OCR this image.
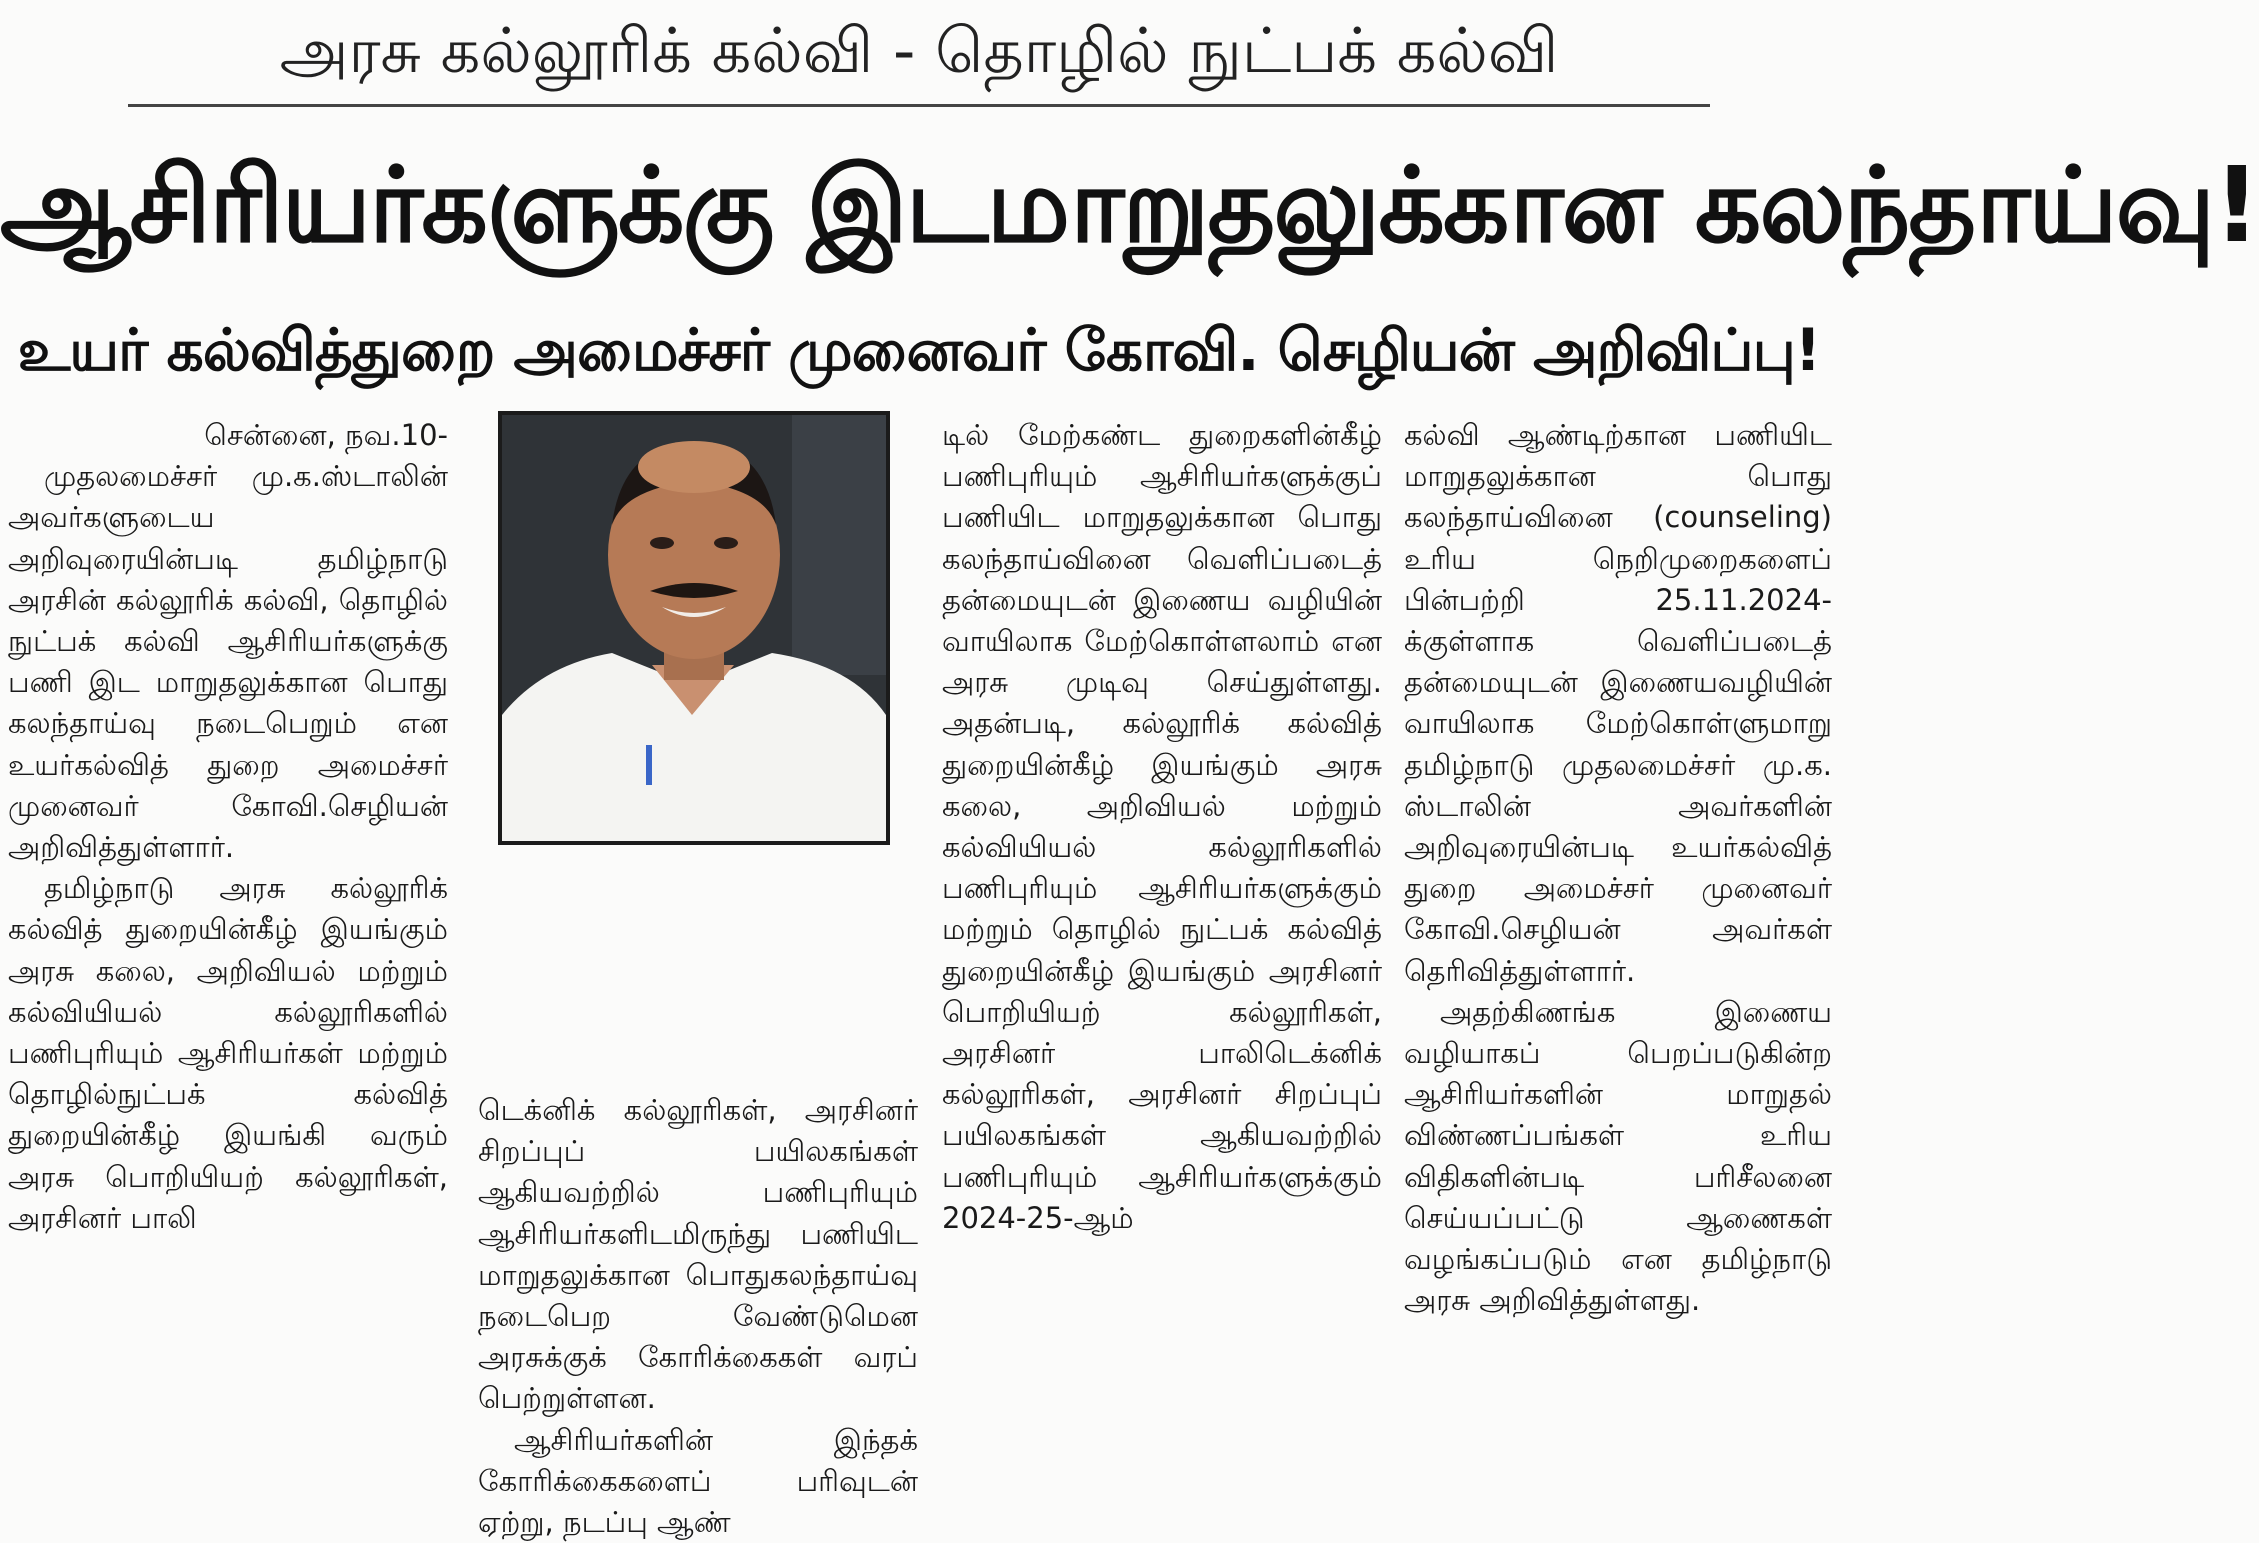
அரசு கல்லூரிக் கல்வி - தொழில் நுட்பக் கல்வி
ஆசிரியர்களுக்கு இடமாறுதலுக்கான கலந்தாய்வு!
உயர் கல்வித்துறை அமைச்சர் முனைவர் கோவி. செழியன் அறிவிப்பு!
சென்னை, நவ.10-

முதலமைச்சர் மு.க.ஸ்டாலின் அவர்களுடைய அறிவுரையின்படி தமிழ்நாடு அரசின் கல்லூரிக் கல்வி, தொழில் நுட்பக் கல்வி ஆசிரியர்களுக்கு பணி இட மாறுதலுக்கான பொது கலந்தாய்வு நடைபெறும் என உயர்கல்வித் துறை அமைச்சர் முனைவர் கோவி.செழியன் அறிவித்துள்ளார்.

தமிழ்நாடு அரசு கல்லூரிக் கல்வித் துறையின்கீழ் இயங்கும் அரசு கலை, அறிவியல் மற்றும் கல்வியியல் கல்லூரிகளில் பணிபுரியும் ஆசிரியர்கள் மற்றும் தொழில்நுட்பக் கல்வித் துறையின்கீழ் இயங்கி வரும் அரசு பொறியியற் கல்லூரிகள், அரசினர் பாலி

டெக்னிக் கல்லூரிகள், அரசினர் சிறப்புப் பயிலகங்கள் ஆகியவற்றில் பணிபுரியும் ஆசிரியர்களிடமிருந்து பணியிட மாறுதலுக்கான பொதுகலந்தாய்வு நடைபெற வேண்டுமென அரசுக்குக் கோரிக்கைகள் வரப் பெற்றுள்ளன.

ஆசிரியர்களின் இந்தக் கோரிக்கைகளைப் பரிவுடன் ஏற்று, நடப்பு ஆண்

டில் மேற்கண்ட துறைகளின்கீழ் பணிபுரியும் ஆசிரியர்களுக்குப் பணியிட மாறுதலுக்கான பொது கலந்தாய்வினை வெளிப்படைத் தன்மையுடன் இணைய வழியின் வாயிலாக மேற்கொள்ளலாம் என அரசு முடிவு செய்துள்ளது. அதன்படி, கல்லூரிக் கல்வித் துறையின்கீழ் இயங்கும் அரசு கலை, அறிவியல் மற்றும் கல்வியியல் கல்லூரிகளில் பணிபுரியும் ஆசிரியர்களுக்கும் மற்றும் தொழில் நுட்பக் கல்வித் துறையின்கீழ் இயங்கும் அரசினர் பொறியியற் கல்லூரிகள், அரசினர் பாலிடெக்னிக் கல்லூரிகள், அரசினர் சிறப்புப் பயிலகங்கள் ஆகியவற்றில் பணிபுரியும் ஆசிரியர்களுக்கும் 2024-25-ஆம்

கல்வி ஆண்டிற்கான பணியிட மாறுதலுக்கான பொது கலந்தாய்வினை (counseling) உரிய நெறிமுறைகளைப் பின்பற்றி 25.11.2024-க்குள்ளாக வெளிப்படைத் தன்மையுடன் இணையவழியின் வாயிலாக மேற்கொள்ளுமாறு தமிழ்நாடு முதலமைச்சர் மு.க. ஸ்டாலின் அவர்களின் அறிவுரையின்படி உயர்கல்வித் துறை அமைச்சர் முனைவர் கோவி.செழியன் அவர்கள் தெரிவித்துள்ளார்.

அதற்கிணங்க இணைய வழியாகப் பெறப்படுகின்ற ஆசிரியர்களின் மாறுதல் விண்ணப்பங்கள் உரிய விதிகளின்படி பரிசீலனை செய்யப்பட்டு ஆணைகள் வழங்கப்படும் என தமிழ்நாடு அரசு அறிவித்துள்ளது.
